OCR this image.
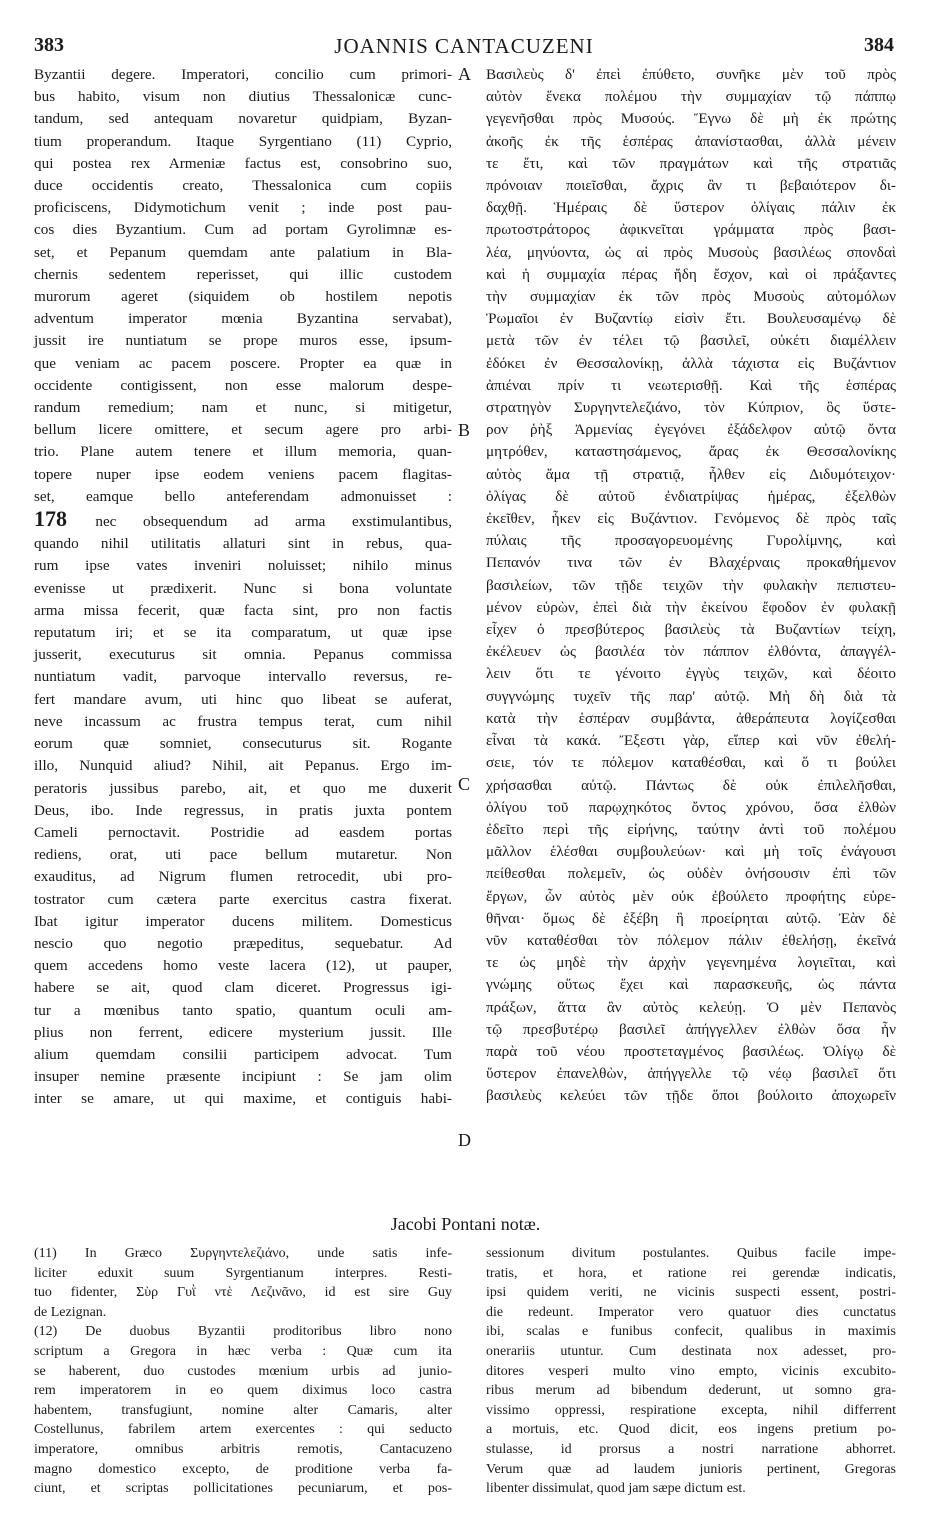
383	JOANNIS CANTACUZENI	384

Byzantii degere. Imperatori, concilio cum primori-

bus habito, visum non diutius Thessalonicæ cunc-

tandum, sed antequam novaretur quidpiam, Byzan-

tium properandum. Itaque Syrgentiano (11) Cyprio,

qui postea rex Armeniæ factus est, consobrino suo,

duce occidentis creato, Thessalonica cum copiis

proficiscens, Didymotichum venit ; inde post pau-

cos dies Byzantium. Cum ad portam Gyrolimnæ es-

set, et Pepanum quemdam ante palatium in Bla-

chernis sedentem reperisset, qui illic custodem

murorum ageret (siquidem ob hostilem nepotis

adventum imperator mœnia Byzantina servabat),

jussit ire nuntiatum se prope muros esse, ipsum-

que veniam ac pacem poscere. Propter ea quæ in

occidente contigissent, non esse malorum despe-

randum remedium; nam et nunc, si mitigetur,

bellum licere omittere, et secum agere pro arbi-

trio. Plane autem tenere et illum memoria, quan-

topere nuper ipse eodem veniens pacem flagitas-

set, eamque bello anteferendam admonuisset :

178 nec obsequendum ad arma exstimulantibus,

quando nihil utilitatis allaturi sint in rebus, qua-

rum ipse vates inveniri noluisset; nihilo minus

evenisse ut prædixerit. Nunc si bona voluntate

arma missa fecerit, quæ facta sint, pro non factis

reputatum iri; et se ita comparatum, ut quæ ipse

jusserit, executurus sit omnia. Pepanus commissa

nuntiatum vadit, parvoque intervallo reversus, re-

fert mandare avum, uti hinc quo libeat se auferat,

neve incassum ac frustra tempus terat, cum nihil

eorum quæ somniet, consecuturus sit. Rogante

illo, Nunquid aliud? Nihil, ait Pepanus. Ergo im-

peratoris jussibus parebo, ait, et quo me duxerit

Deus, ibo. Inde regressus, in pratis juxta pontem

Cameli pernoctavit. Postridie ad easdem portas

rediens, orat, uti pace bellum mutaretur. Non

exauditus, ad Nigrum flumen retrocedit, ubi pro-

tostrator cum cætera parte exercitus castra fixerat.

Ibat igitur imperator ducens militem. Domesticus

nescio quo negotio præpeditus, sequebatur. Ad

quem accedens homo veste lacera (12), ut pauper,

habere se ait, quod clam diceret. Progressus igi-

tur a mœnibus tanto spatio, quantum oculi am-

plius non ferrent, edicere mysterium jussit. Ille

alium quemdam consilii participem advocat. Tum

insuper nemine præsente incipiunt : Se jam olim

inter se amare, ut qui maxime, et contiguis habi-

Βασιλεὺς δ' ἐπεὶ ἐπύθετο, συνῆκε μὲν τοῦ πρὸς

αὐτὸν ἕνεκα πολέμου τὴν συμμαχίαν τῷ πάππῳ

γεγενῆσθαι πρὸς Μυσούς. Ἔγνω δὲ μὴ ἐκ πρώτης

ἀκοῆς ἐκ τῆς ἑσπέρας ἀπανίστασθαι, ἀλλὰ μένειν

τε ἔτι, καὶ τῶν πραγμάτων καὶ τῆς στρατιᾶς

πρόνοιαν ποιεῖσθαι, ἄχρις ἂν τι βεβαιότερον δι-

δαχθῇ. Ἡμέραις δὲ ὕστερον ὀλίγαις πάλιν ἐκ

πρωτοστράτορος ἀφικνεῖται γράμματα πρὸς βασι-

λέα, μηνύοντα, ὡς αἱ πρὸς Μυσοὺς βασιλέως σπονδαὶ

καὶ ἡ συμμαχία πέρας ἤδη ἔσχον, καὶ οἱ πράξαντες

τὴν συμμαχίαν ἐκ τῶν πρὸς Μυσοὺς αὐτομόλων

Ῥωμαῖοι ἐν Βυζαντίῳ εἰσὶν ἔτι. Βουλευσαμένῳ δὲ

μετὰ τῶν ἐν τέλει τῷ βασιλεῖ, οὐκέτι διαμέλλειν

ἐδόκει ἐν Θεσσαλονίκῃ, ἀλλὰ τάχιστα εἰς Βυζάντιον

ἀπιέναι πρίν τι νεωτερισθῇ. Καὶ τῆς ἑσπέρας

στρατηγὸν Συργηντελεζιάνο, τὸν Κύπριον, ὃς ὕστε-

ρον ῥὴξ Ἀρμενίας ἐγεγόνει ἐξάδελφον αὐτῷ ὄντα

μητρόθεν, καταστησάμενος, ἄρας ἐκ Θεσσαλονίκης

αὐτὸς ἅμα τῇ στρατιᾷ, ἦλθεν εἰς Διδυμότειχον·

ὀλίγας δὲ αὐτοῦ ἐνδιατρίψας ἡμέρας, ἐξελθὼν

ἐκεῖθεν, ἧκεν εἰς Βυζάντιον. Γενόμενος δὲ πρὸς ταῖς

πύλαις τῆς προσαγορευομένης Γυρολίμνης, καὶ

Πεπανόν τινα τῶν ἐν Βλαχέρναις προκαθήμενον

βασιλείων, τῶν τῇδε τειχῶν τὴν φυλακὴν πεπιστευ-

μένον εὑρὼν, ἐπεὶ διὰ τὴν ἐκείνου ἔφοδον ἐν φυλακῇ

εἶχεν ὁ πρεσβύτερος βασιλεὺς τὰ Βυζαντίων τείχη,

ἐκέλευεν ὡς βασιλέα τὸν πάππον ἐλθόντα, ἀπαγγέλ-

λειν ὅτι τε γένοιτο ἐγγὺς τειχῶν, καὶ δέοιτο

συγγνώμης τυχεῖν τῆς παρ' αὐτῷ. Μὴ δὴ διὰ τὰ

κατὰ τὴν ἑσπέραν συμβάντα, ἀθεράπευτα λογίζεσθαι

εἶναι τὰ κακά. Ἔξεστι γὰρ, εἴπερ καὶ νῦν ἐθελή-

σειε, τόν τε πόλεμον καταθέσθαι, καὶ ὅ τι βούλει

χρήσασθαι αὐτῷ. Πάντως δὲ οὐκ ἐπιλελῆσθαι,

ὀλίγου τοῦ παρῳχηκότος ὄντος χρόνου, ὅσα ἐλθὼν

ἐδεῖτο περὶ τῆς εἰρήνης, ταύτην ἀντὶ τοῦ πολέμου

μᾶλλον ἑλέσθαι συμβουλεύων· καὶ μὴ τοῖς ἐνάγουσι

πείθεσθαι πολεμεῖν, ὡς οὐδὲν ὀνήσουσιν ἐπὶ τῶν

ἔργων, ὧν αὐτὸς μὲν οὐκ ἐβούλετο προφήτης εὑρε-

θῆναι· ὅμως δὲ ἐξέβη ἣ προείρηται αὐτῷ. Ἐὰν δὲ

νῦν καταθέσθαι τὸν πόλεμον πάλιν ἐθελήσῃ, ἐκεῖνά

τε ὡς μηδὲ τὴν ἀρχὴν γεγενημένα λογιεῖται, καὶ

γνώμης οὕτως ἔχει καὶ παρασκευῆς, ὡς πάντα

πράξων, ἅττα ἂν αὐτὸς κελεύῃ. Ὁ μὲν Πεπανὸς

τῷ πρεσβυτέρῳ βασιλεῖ ἀπήγγελλεν ἐλθὼν ὅσα ἦν

παρὰ τοῦ νέου προστεταγμένος βασιλέως. Ὀλίγῳ δὲ

ὕστερον ἐπανελθὼν, ἀπήγγελλε τῷ νέῳ βασιλεῖ ὅτι

βασιλεὺς κελεύει τῶν τῇδε ὅποι βούλοιτο ἀποχωρεῖν

A
B
C
D
Jacobi Pontani notæ.

(11) In Græco Συργηντελεζιάνο, unde satis infe-

liciter eduxit suum Syrgentianum interpres. Resti-

tuo fidenter, Σὺρ Γυῒ ντὲ Λεζινᾶνο, id est sire Guy

de Lezignan.

(12) De duobus Byzantii proditoribus libro nono

scriptum a Gregora in hæc verba : Quæ cum ita

se haberent, duo custodes mœnium urbis ad junio-

rem imperatorem in eo quem diximus loco castra

habentem, transfugiunt, nomine alter Camaris, alter

Costellunus, fabrilem artem exercentes : qui seducto

imperatore, omnibus arbitris remotis, Cantacuzeno

magno domestico excepto, de proditione verba fa-

ciunt, et scriptas pollicitationes pecuniarum, et pos-

sessionum divitum postulantes. Quibus facile impe-

tratis, et hora, et ratione rei gerendæ indicatis,

ipsi quidem veriti, ne vicinis suspecti essent, postri-

die redeunt. Imperator vero quatuor dies cunctatus

ibi, scalas e funibus confecit, qualibus in maximis

onerariis utuntur. Cum destinata nox adesset, pro-

ditores vesperi multo vino empto, vicinis excubito-

ribus merum ad bibendum dederunt, ut somno gra-

vissimo oppressi, respiratione excepta, nihil differrent

a mortuis, etc. Quod dicit, eos ingens pretium po-

stulasse, id prorsus a nostri narratione abhorret.

Verum quæ ad laudem junioris pertinent, Gregoras

libenter dissimulat, quod jam sæpe dictum est.
